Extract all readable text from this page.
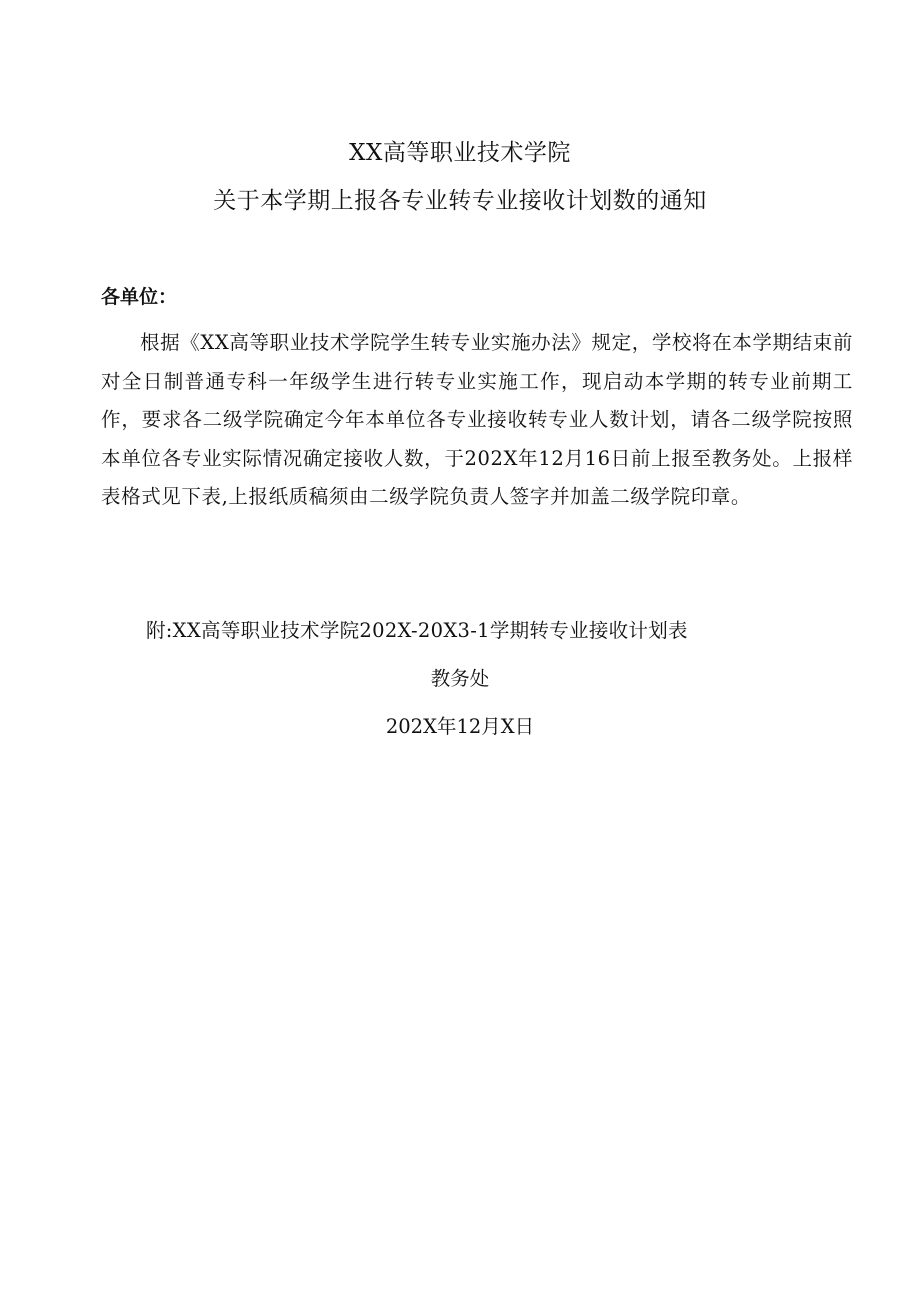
XX高等职业技术学院
关于本学期上报各专业转专业接收计划数的通知
各单位：

根据《XX高等职业技术学院学生转专业实施办法》规定，学校将在本学期结束前对全日制普通专科一年级学生进行转专业实施工作，现启动本学期的转专业前期工作，要求各二级学院确定今年本单位各专业接收转专业人数计划，请各二级学院按照本单位各专业实际情况确定接收人数，于202X年12月16日前上报至教务处。上报样表格式见下表,上报纸质稿须由二级学院负责人签字并加盖二级学院印章。

附:XX高等职业技术学院202X-20X3-1学期转专业接收计划表
教务处
202X年12月X日
